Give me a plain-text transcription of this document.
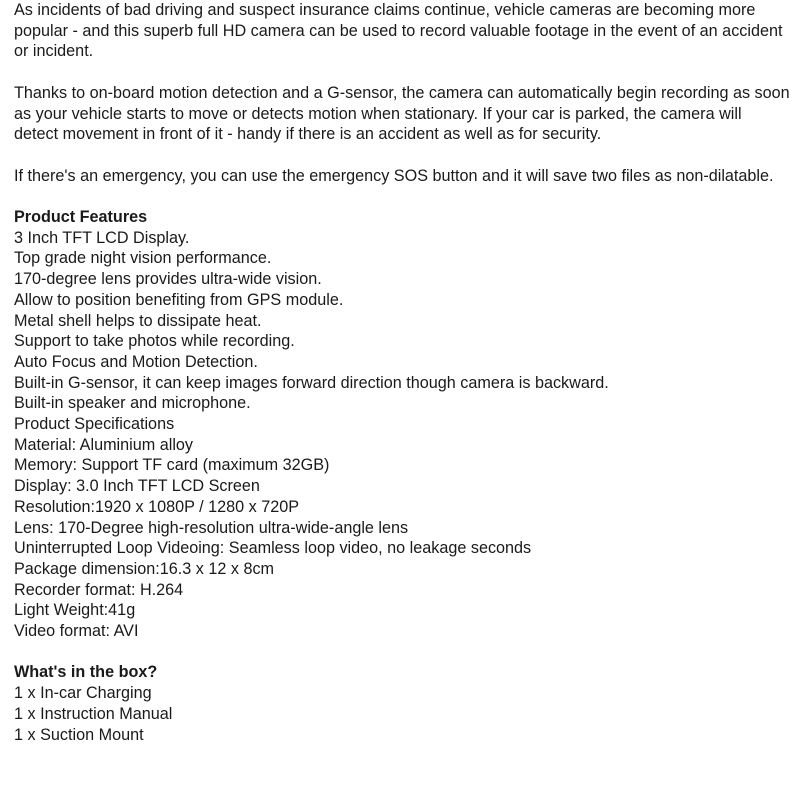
As incidents of bad driving and suspect insurance claims continue, vehicle cameras are becoming more popular - and this superb full HD camera can be used to record valuable footage in the event of an accident or incident.

Thanks to on-board motion detection and a G-sensor, the camera can automatically begin recording as soon as your vehicle starts to move or detects motion when stationary. If your car is parked, the camera will detect movement in front of it - handy if there is an accident as well as for security.

If there's an emergency, you can use the emergency SOS button and it will save two files as non-dilatable.

Product Features

3 Inch TFT LCD Display.

Top grade night vision performance.

170-degree lens provides ultra-wide vision.

Allow to position benefiting from GPS module.

Metal shell helps to dissipate heat.

Support to take photos while recording.

Auto Focus and Motion Detection.

Built-in G-sensor, it can keep images forward direction though camera is backward.

Built-in speaker and microphone.

Product Specifications

Material: Aluminium alloy

Memory: Support TF card (maximum 32GB)

Display: 3.0 Inch TFT LCD Screen

Resolution:1920 x 1080P / 1280 x 720P

Lens: 170-Degree high-resolution ultra-wide-angle lens

Uninterrupted Loop Videoing: Seamless loop video, no leakage seconds

Package dimension:16.3 x 12 x 8cm

Recorder format: H.264

Light Weight:41g

Video format: AVI

What's in the box?

1 x In-car Charging

1 x Instruction Manual

1 x Suction Mount
